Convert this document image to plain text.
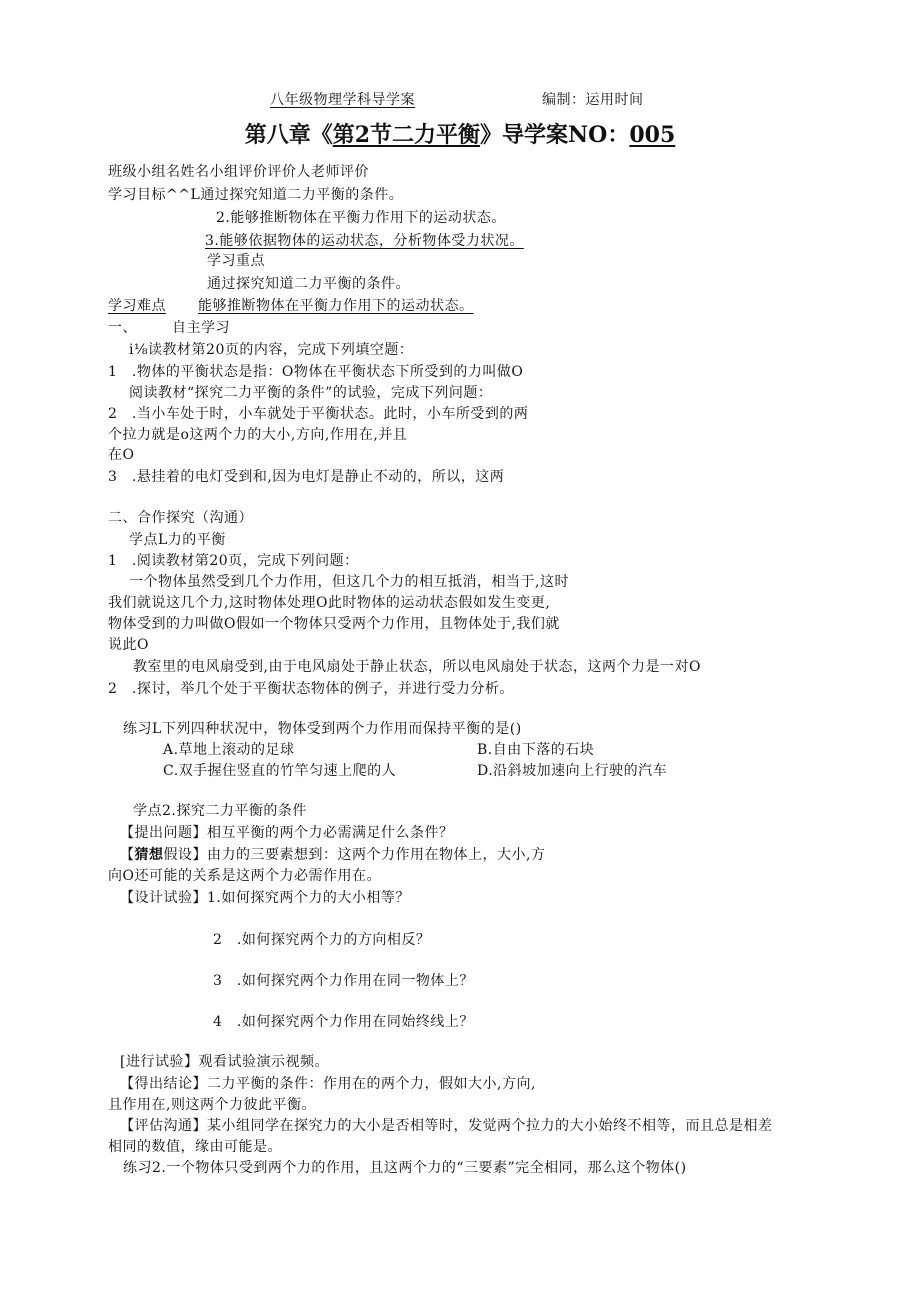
八年级物理学科导学案	编制：运用时间
第八章《第2节二力平衡》导学案NO：005
班级小组名姓名小组评价评价人老师评价
学习目标^^L通过探究知道二力平衡的条件。
2.能够推断物体在平衡力作用下的运动状态。
3.能够依据物体的运动状态，分析物体受力状况。
学习重点
通过探究知道二力平衡的条件。
学习难点 能够推断物体在平衡力作用下的运动状态。
一、	自主学习
i⅛读教材第20页的内容，完成下列填空题：
1　.物体的平衡状态是指：O物体在平衡状态下所受到的力叫做O
阅读教材“探究二力平衡的条件”的试验，完成下列问题：
2　.当小车处于时，小车就处于平衡状态。此时，小车所受到的两
个拉力就是o这两个力的大小,方向,作用在,并且
在O
3　.悬挂着的电灯受到和,因为电灯是静止不动的，所以，这两
二、合作探究（沟通）
学点L力的平衡
1　.阅读教材第20页，完成下列问题：
一个物体虽然受到几个力作用，但这几个力的相互抵消，相当于,这时
我们就说这几个力,这时物体处理O此时物体的运动状态假如发生变更,
物体受到的力叫做O假如一个物体只受两个力作用，且物体处于,我们就
说此O
教室里的电风扇受到,由于电风扇处于静止状态，所以电风扇处于状态，这两个力是一对O
2　.探讨，举几个处于平衡状态物体的例子，并进行受力分析。
练习L下列四种状况中，物体受到两个力作用而保持平衡的是()
A.草地上滚动的足球	B.自由下落的石块
C.双手握住竖直的竹竿匀速上爬的人	D.沿斜坡加速向上行驶的汽车
学点2.探究二力平衡的条件
【提出问题】相互平衡的两个力必需满足什么条件？
【猜想假设】由力的三要素想到：这两个力作用在物体上，大小,方
向O还可能的关系是这两个力必需作用在。
【设计试验】1.如何探究两个力的大小相等？
2　.如何探究两个力的方向相反？
3　.如何探究两个力作用在同一物体上？
4　.如何探究两个力作用在同始终线上？
[进行试验】观看试验演示视频。
【得出结论】二力平衡的条件：作用在的两个力，假如大小,方向,
且作用在,则这两个力彼此平衡。
【评估沟通】某小组同学在探究力的大小是否相等时，发觉两个拉力的大小始终不相等，而且总是相差
相同的数值，缘由可能是。
练习2.一个物体只受到两个力的作用，且这两个力的“三要素”完全相同，那么这个物体()
